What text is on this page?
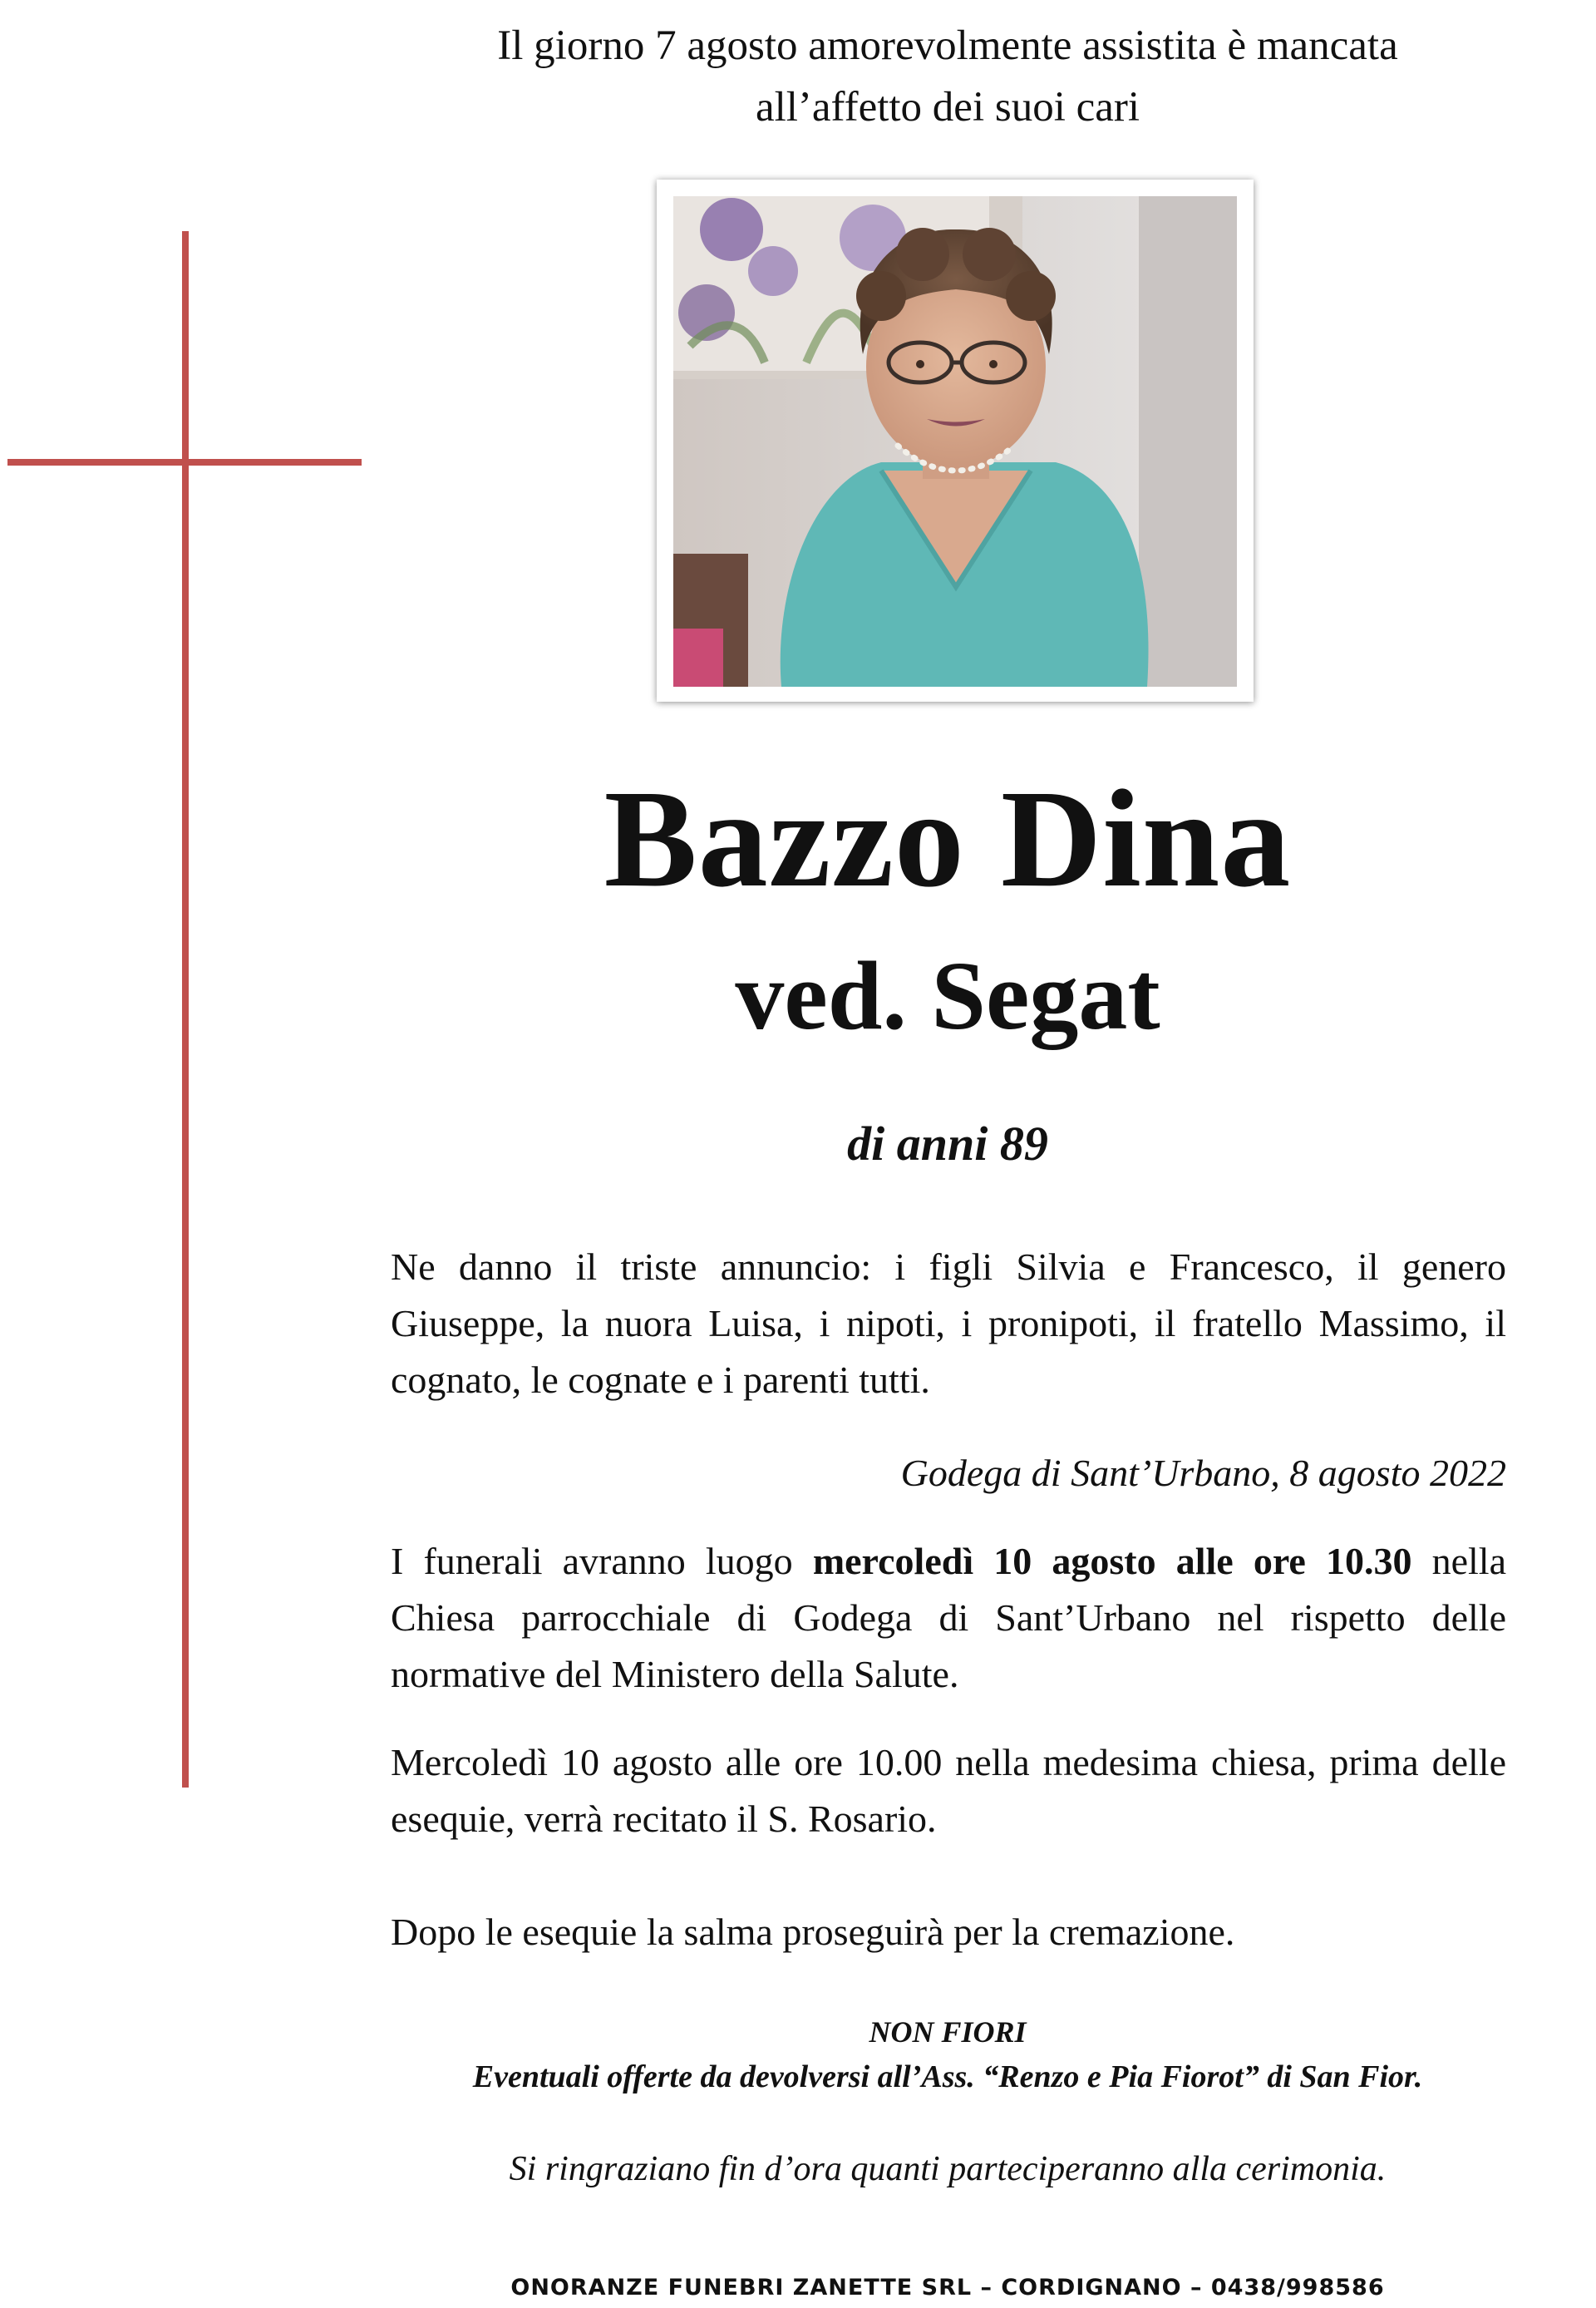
Il giorno 7 agosto amorevolmente assistita è mancata
all’affetto dei suoi cari
Bazzo Dina
ved. Segat
di anni 89
Ne danno il triste annuncio: i figli Silvia e Francesco, il genero Giuseppe, la nuora Luisa, i nipoti, i pronipoti, il fratello Massimo, il cognato, le cognate e i parenti tutti.
Godega di Sant’Urbano, 8 agosto 2022
I funerali avranno luogo mercoledì 10 agosto alle ore 10.30 nella Chiesa parrocchiale di Godega di Sant’Urbano nel rispetto delle normative del Ministero della Salute.
Mercoledì 10 agosto alle ore 10.00 nella medesima chiesa, prima delle esequie, verrà recitato il S. Rosario.
Dopo le esequie la salma proseguirà per la cremazione.
NON FIORI
Eventuali offerte da devolversi all’Ass. “Renzo e Pia Fiorot” di San Fior.
Si ringraziano fin d’ora quanti parteciperanno alla cerimonia.
ONORANZE FUNEBRI ZANETTE SRL – CORDIGNANO – 0438/998586
